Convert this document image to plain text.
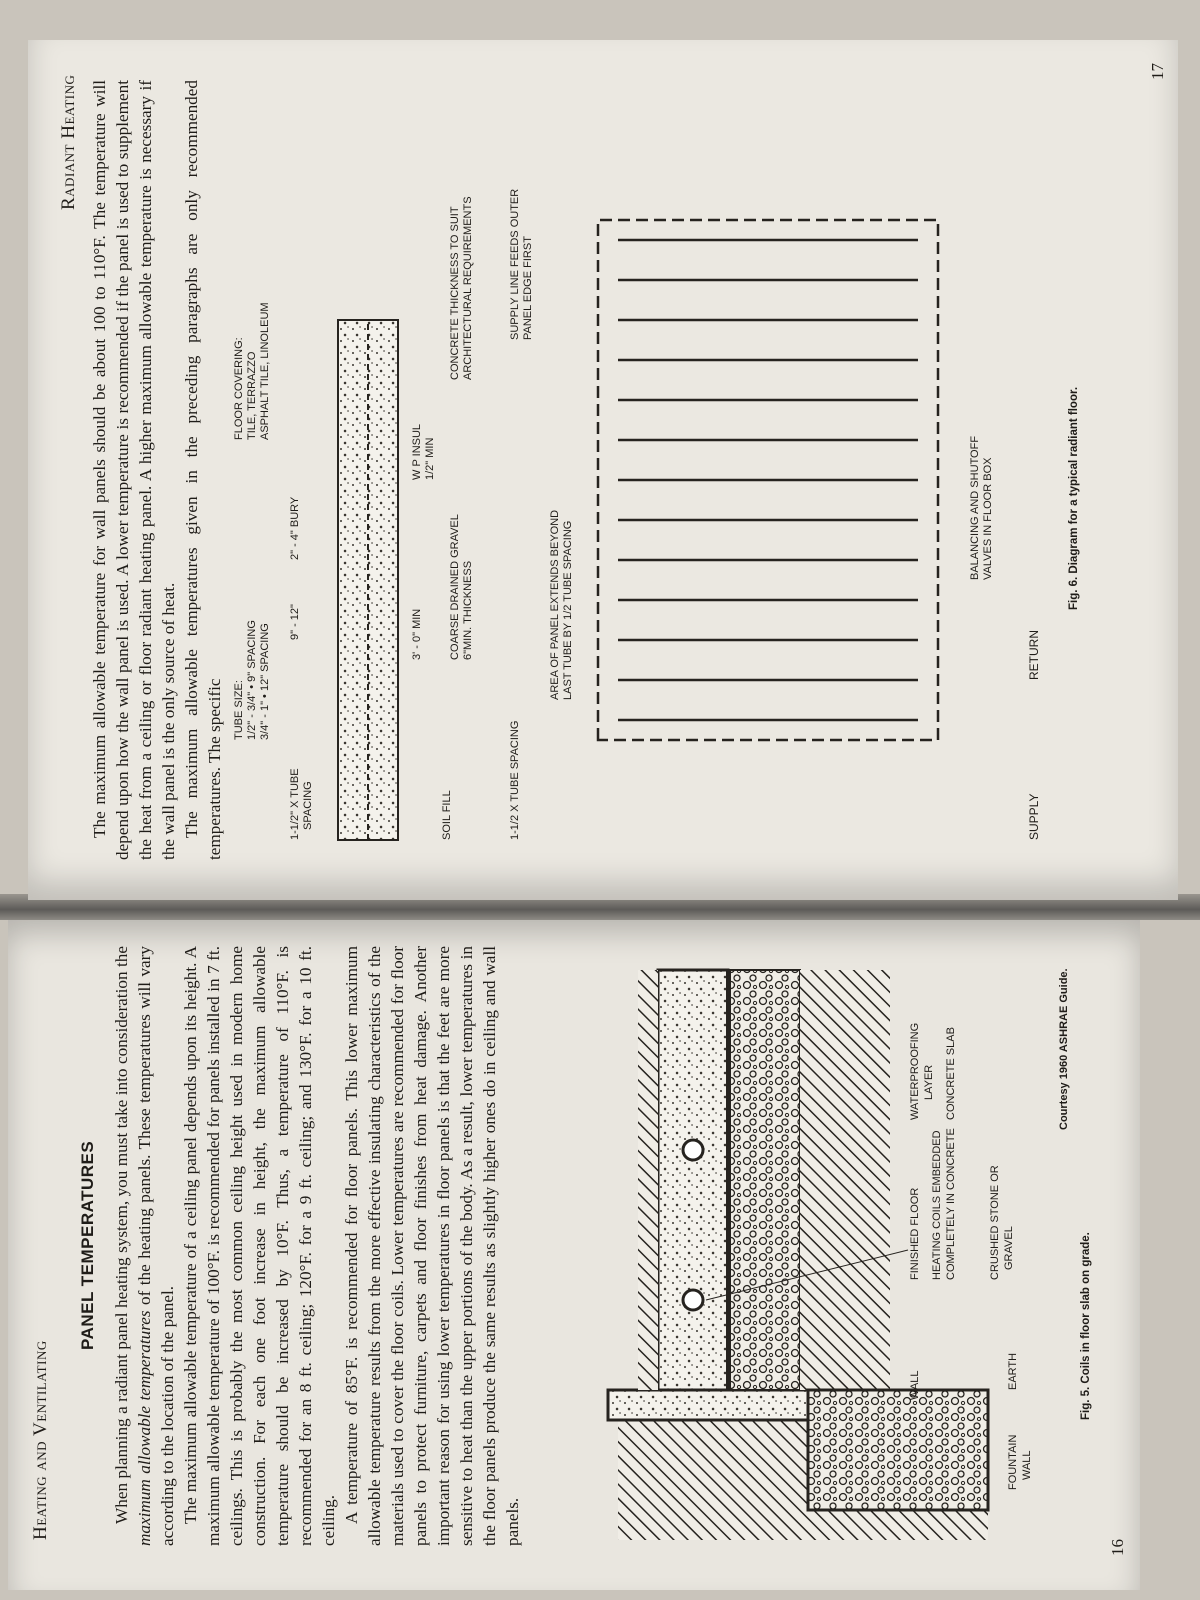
Heating and Ventilating
16
PANEL TEMPERATURES When planning a radiant panel heating system, you must take into consideration the maximum allowable temperatures of the heating panels. These temperatures will vary according to the location of the panel. The maximum allowable temperature of a ceiling panel depends upon its height. A maximum allowable temperature of 100°F. is recommended for panels installed in 7 ft. ceilings. This is probably the most common ceiling height used in modern home construction. For each one foot increase in height, the maximum allowable temperature should be increased by 10°F. Thus, a temperature of 110°F. is recommended for an 8 ft. ceiling; 120°F. for a 9 ft. ceiling; and 130°F. for a 10 ft. ceiling. A temperature of 85°F. is recommended for floor panels. This lower maximum allowable temperature results from the more effective insulating characteristics of the materials used to cover the floor coils. Lower temperatures are recommended for floor panels to protect furniture, carpets and floor finishes from heat damage. Another important reason for using lower temperatures in floor panels is that the feet are more sensitive to heat than the upper portions of the body. As a result, lower temperatures in the floor panels produce the same results as slightly higher ones do in ceiling and wall panels.

WALL
FINISHED FLOOR
WATERPROOFING LAYER
HEATING COILS EMBEDDED COMPLETELY IN CONCRETE
CONCRETE SLAB
FOUNTAIN WALL
EARTH
CRUSHED STONE OR GRAVEL
Courtesy 1960 ASHRAE Guide.
Fig. 5. Coils in floor slab on grade.
Radiant Heating
17

The maximum allowable temperature for wall panels should be about 100 to 110°F. The temperature will depend upon how the wall panel is used. A lower temperature is recommended if the panel is used to supplement the heat from a ceiling or floor radiant heating panel. A higher maximum allowable temperature is necessary if the wall panel is the only source of heat. The maximum allowable temperatures given in the preceding paragraphs are only recommended temperatures. The specific TUBE SIZE: 1/2" - 3/4" • 9" SPACING 3/4" - 1" • 12" SPACING
FLOOR COVERING: TILE, TERRAZZO ASPHALT TILE, LINOLEUM
9" - 12"
2" - 4" BURY
1-1/2" X TUBE SPACING
3' - 0" MIN
W P INSUL 1/2" MIN
SOIL FILL
COARSE DRAINED GRAVEL 6"MIN. THICKNESS
CONCRETE THICKNESS TO SUIT ARCHITECTURAL REQUIREMENTS
1-1/2 X TUBE SPACING
SUPPLY LINE FEEDS OUTER PANEL EDGE FIRST
AREA OF PANEL EXTENDS BEYOND LAST TUBE BY 1/2 TUBE SPACING
BALANCING AND SHUTOFF VALVES IN FLOOR BOX
SUPPLY
RETURN
Fig. 6. Diagram for a typical radiant floor.
